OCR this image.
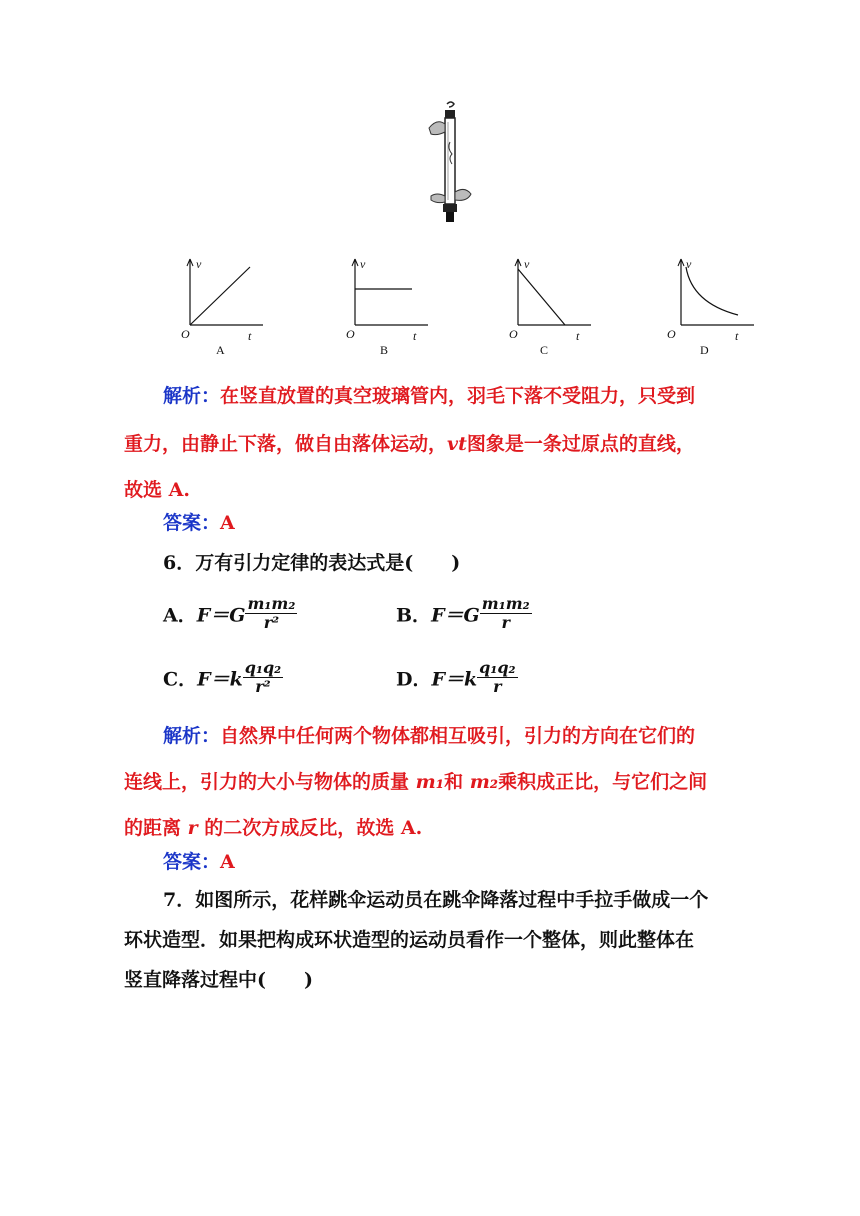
v
O	t
A
v
O	t
B
v
O	t
C
v
O	t
D
解析：在竖直放置的真空玻璃管内，羽毛下落不受阻力，只受到
重力，由静止下落，做自由落体运动，vt图象是一条过原点的直线，
故选 A.
答案：A
6．万有引力定律的表达式是(　　)
A．$F=G \frac{\text{m₁m₂}}{\text{r²}}$	B．$F=G \frac{\text{m₁m₂}}{r}$
C．$F=k \frac{\text{q₁q₂}}{\text{r²}}$	D．$F=k \frac{\text{q₁q₂}}{r}$
解析：自然界中任何两个物体都相互吸引，引力的方向在它们的
连线上，引力的大小与物体的质量 m₁和 m₂乘积成正比，与它们之间
的距离 r 的二次方成反比，故选 A.
答案：A
7．如图所示，花样跳伞运动员在跳伞降落过程中手拉手做成一个
环状造型．如果把构成环状造型的运动员看作一个整体，则此整体在
竖直降落过程中(　　)
